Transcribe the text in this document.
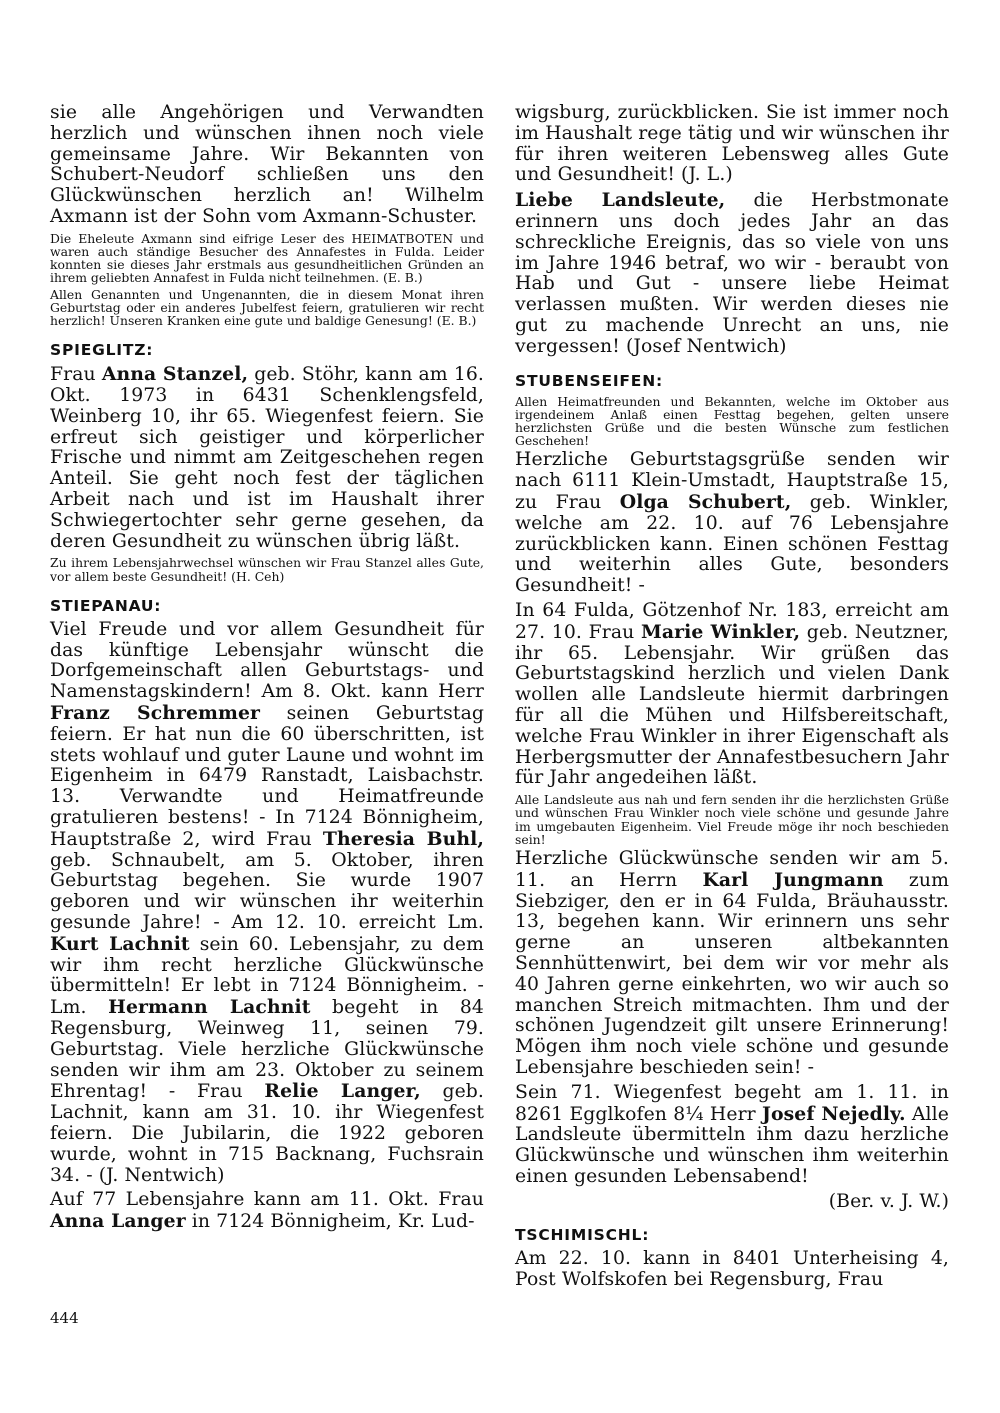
sie alle Angehörigen und Verwandten herzlich und wünschen ihnen noch viele gemeinsame Jahre. Wir Bekannten von Schubert-Neudorf schließen uns den Glückwünschen herzlich an! Wilhelm Axmann ist der Sohn vom Axmann-Schuster.

Die Eheleute Axmann sind eifrige Leser des HEIMATBOTEN und waren auch ständige Besucher des Annafestes in Fulda. Leider konnten sie dieses Jahr erstmals aus gesundheitlichen Gründen an ihrem geliebten Annafest in Fulda nicht teilnehmen. (E. B.)

Allen Genannten und Ungenannten, die in diesem Monat ihren Geburtstag oder ein anderes Jubelfest feiern, gratulieren wir recht herzlich! Unseren Kranken eine gute und baldige Genesung! (E. B.)

SPIEGLITZ:

Frau Anna Stanzel, geb. Stöhr, kann am 16. Okt. 1973 in 6431 Schenklengsfeld, Weinberg 10, ihr 65. Wiegenfest feiern. Sie erfreut sich geistiger und körperlicher Frische und nimmt am Zeitgeschehen regen Anteil. Sie geht noch fest der täglichen Arbeit nach und ist im Haushalt ihrer Schwiegertochter sehr gerne gesehen, da deren Gesundheit zu wünschen übrig läßt.

Zu ihrem Lebensjahrwechsel wünschen wir Frau Stanzel alles Gute, vor allem beste Gesundheit! (H. Ceh)

STIEPANAU:

Viel Freude und vor allem Gesundheit für das künftige Lebensjahr wünscht die Dorfgemeinschaft allen Geburtstags- und Namenstagskindern! Am 8. Okt. kann Herr Franz Schremmer seinen Geburtstag feiern. Er hat nun die 60 überschritten, ist stets wohlauf und guter Laune und wohnt im Eigenheim in 6479 Ranstadt, Laisbachstr. 13. Verwandte und Heimatfreunde gratulieren bestens! - In 7124 Bönnigheim, Hauptstraße 2, wird Frau Theresia Buhl, geb. Schnaubelt, am 5. Oktober, ihren Geburtstag begehen. Sie wurde 1907 geboren und wir wünschen ihr weiterhin gesunde Jahre! - Am 12. 10. erreicht Lm. Kurt Lachnit sein 60. Lebensjahr, zu dem wir ihm recht herzliche Glückwünsche übermitteln! Er lebt in 7124 Bönnigheim. - Lm. Hermann Lachnit begeht in 84 Regensburg, Weinweg 11, seinen 79. Geburtstag. Viele herzliche Glückwünsche senden wir ihm am 23. Oktober zu seinem Ehrentag! - Frau Relie Langer, geb. Lachnit, kann am 31. 10. ihr Wiegenfest feiern. Die Jubilarin, die 1922 geboren wurde, wohnt in 715 Backnang, Fuchsrain 34. - (J. Nentwich)

Auf 77 Lebensjahre kann am 11. Okt. Frau Anna Langer in 7124 Bönnigheim, Kr. Lud-

wigsburg, zurückblicken. Sie ist immer noch im Haushalt rege tätig und wir wünschen ihr für ihren weiteren Lebensweg alles Gute und Gesundheit! (J. L.)

Liebe Landsleute, die Herbstmonate erinnern uns doch jedes Jahr an das schreckliche Ereignis, das so viele von uns im Jahre 1946 betraf, wo wir - beraubt von Hab und Gut - unsere liebe Heimat verlassen mußten. Wir werden dieses nie gut zu machende Unrecht an uns, nie vergessen! (Josef Nentwich)

STUBENSEIFEN:

Allen Heimatfreunden und Bekannten, welche im Oktober aus irgendeinem Anlaß einen Festtag begehen, gelten unsere herzlichsten Grüße und die besten Wünsche zum festlichen Geschehen!

Herzliche Geburtstagsgrüße senden wir nach 6111 Klein-Umstadt, Hauptstraße 15, zu Frau Olga Schubert, geb. Winkler, welche am 22. 10. auf 76 Lebensjahre zurückblicken kann. Einen schönen Festtag und weiterhin alles Gute, besonders Gesundheit! -

In 64 Fulda, Götzenhof Nr. 183, erreicht am 27. 10. Frau Marie Winkler, geb. Neutzner, ihr 65. Lebensjahr. Wir grüßen das Geburtstagskind herzlich und vielen Dank wollen alle Landsleute hiermit darbringen für all die Mühen und Hilfsbereitschaft, welche Frau Winkler in ihrer Eigenschaft als Herbergsmutter der Annafestbesuchern Jahr für Jahr angedeihen läßt.

Alle Landsleute aus nah und fern senden ihr die herzlichsten Grüße und wünschen Frau Winkler noch viele schöne und gesunde Jahre im umgebauten Eigenheim. Viel Freude möge ihr noch beschieden sein!

Herzliche Glückwünsche senden wir am 5. 11. an Herrn Karl Jungmann zum Siebziger, den er in 64 Fulda, Bräuhausstr. 13, begehen kann. Wir erinnern uns sehr gerne an unseren altbekannten Sennhüttenwirt, bei dem wir vor mehr als 40 Jahren gerne einkehrten, wo wir auch so manchen Streich mitmachten. Ihm und der schönen Jugendzeit gilt unsere Erinnerung! Mögen ihm noch viele schöne und gesunde Lebensjahre beschieden sein! -

Sein 71. Wiegenfest begeht am 1. 11. in 8261 Egglkofen 8¼ Herr Josef Nejedly. Alle Landsleute übermitteln ihm dazu herzliche Glückwünsche und wünschen ihm weiterhin einen gesunden Lebensabend!

(Ber. v. J. W.)

TSCHIMISCHL:

Am 22. 10. kann in 8401 Unterheising 4, Post Wolfskofen bei Regensburg, Frau

444
